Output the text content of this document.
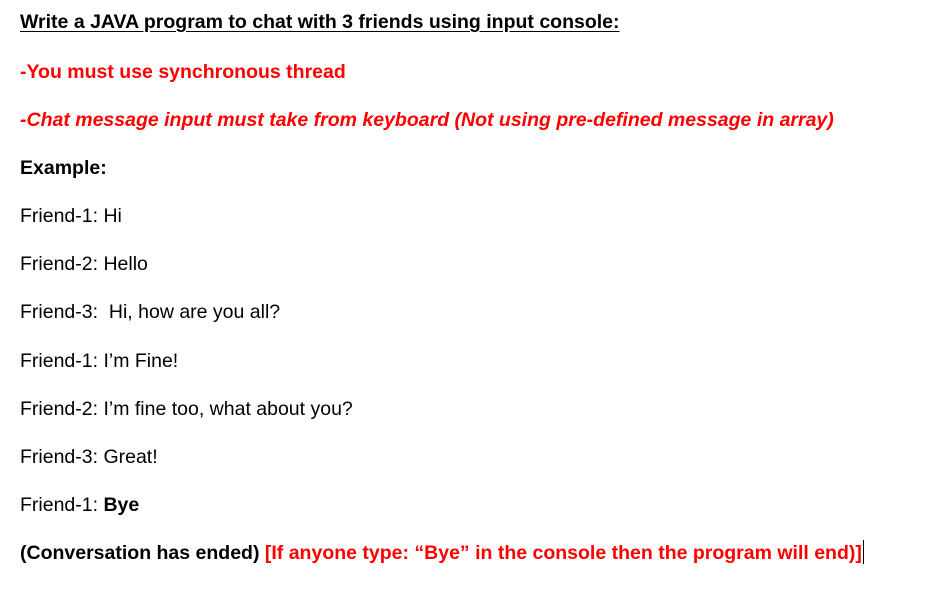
Write a JAVA program to chat with 3 friends using input console:
-You must use synchronous thread
-Chat message input must take from keyboard (Not using pre-defined message in array)
Example:
Friend-1: Hi
Friend-2: Hello
Friend-3:  Hi, how are you all?
Friend-1: I’m Fine!
Friend-2: I’m fine too, what about you?
Friend-3: Great!
Friend-1: Bye
(Conversation has ended) [If anyone type: “Bye” in the console then the program will end)]
